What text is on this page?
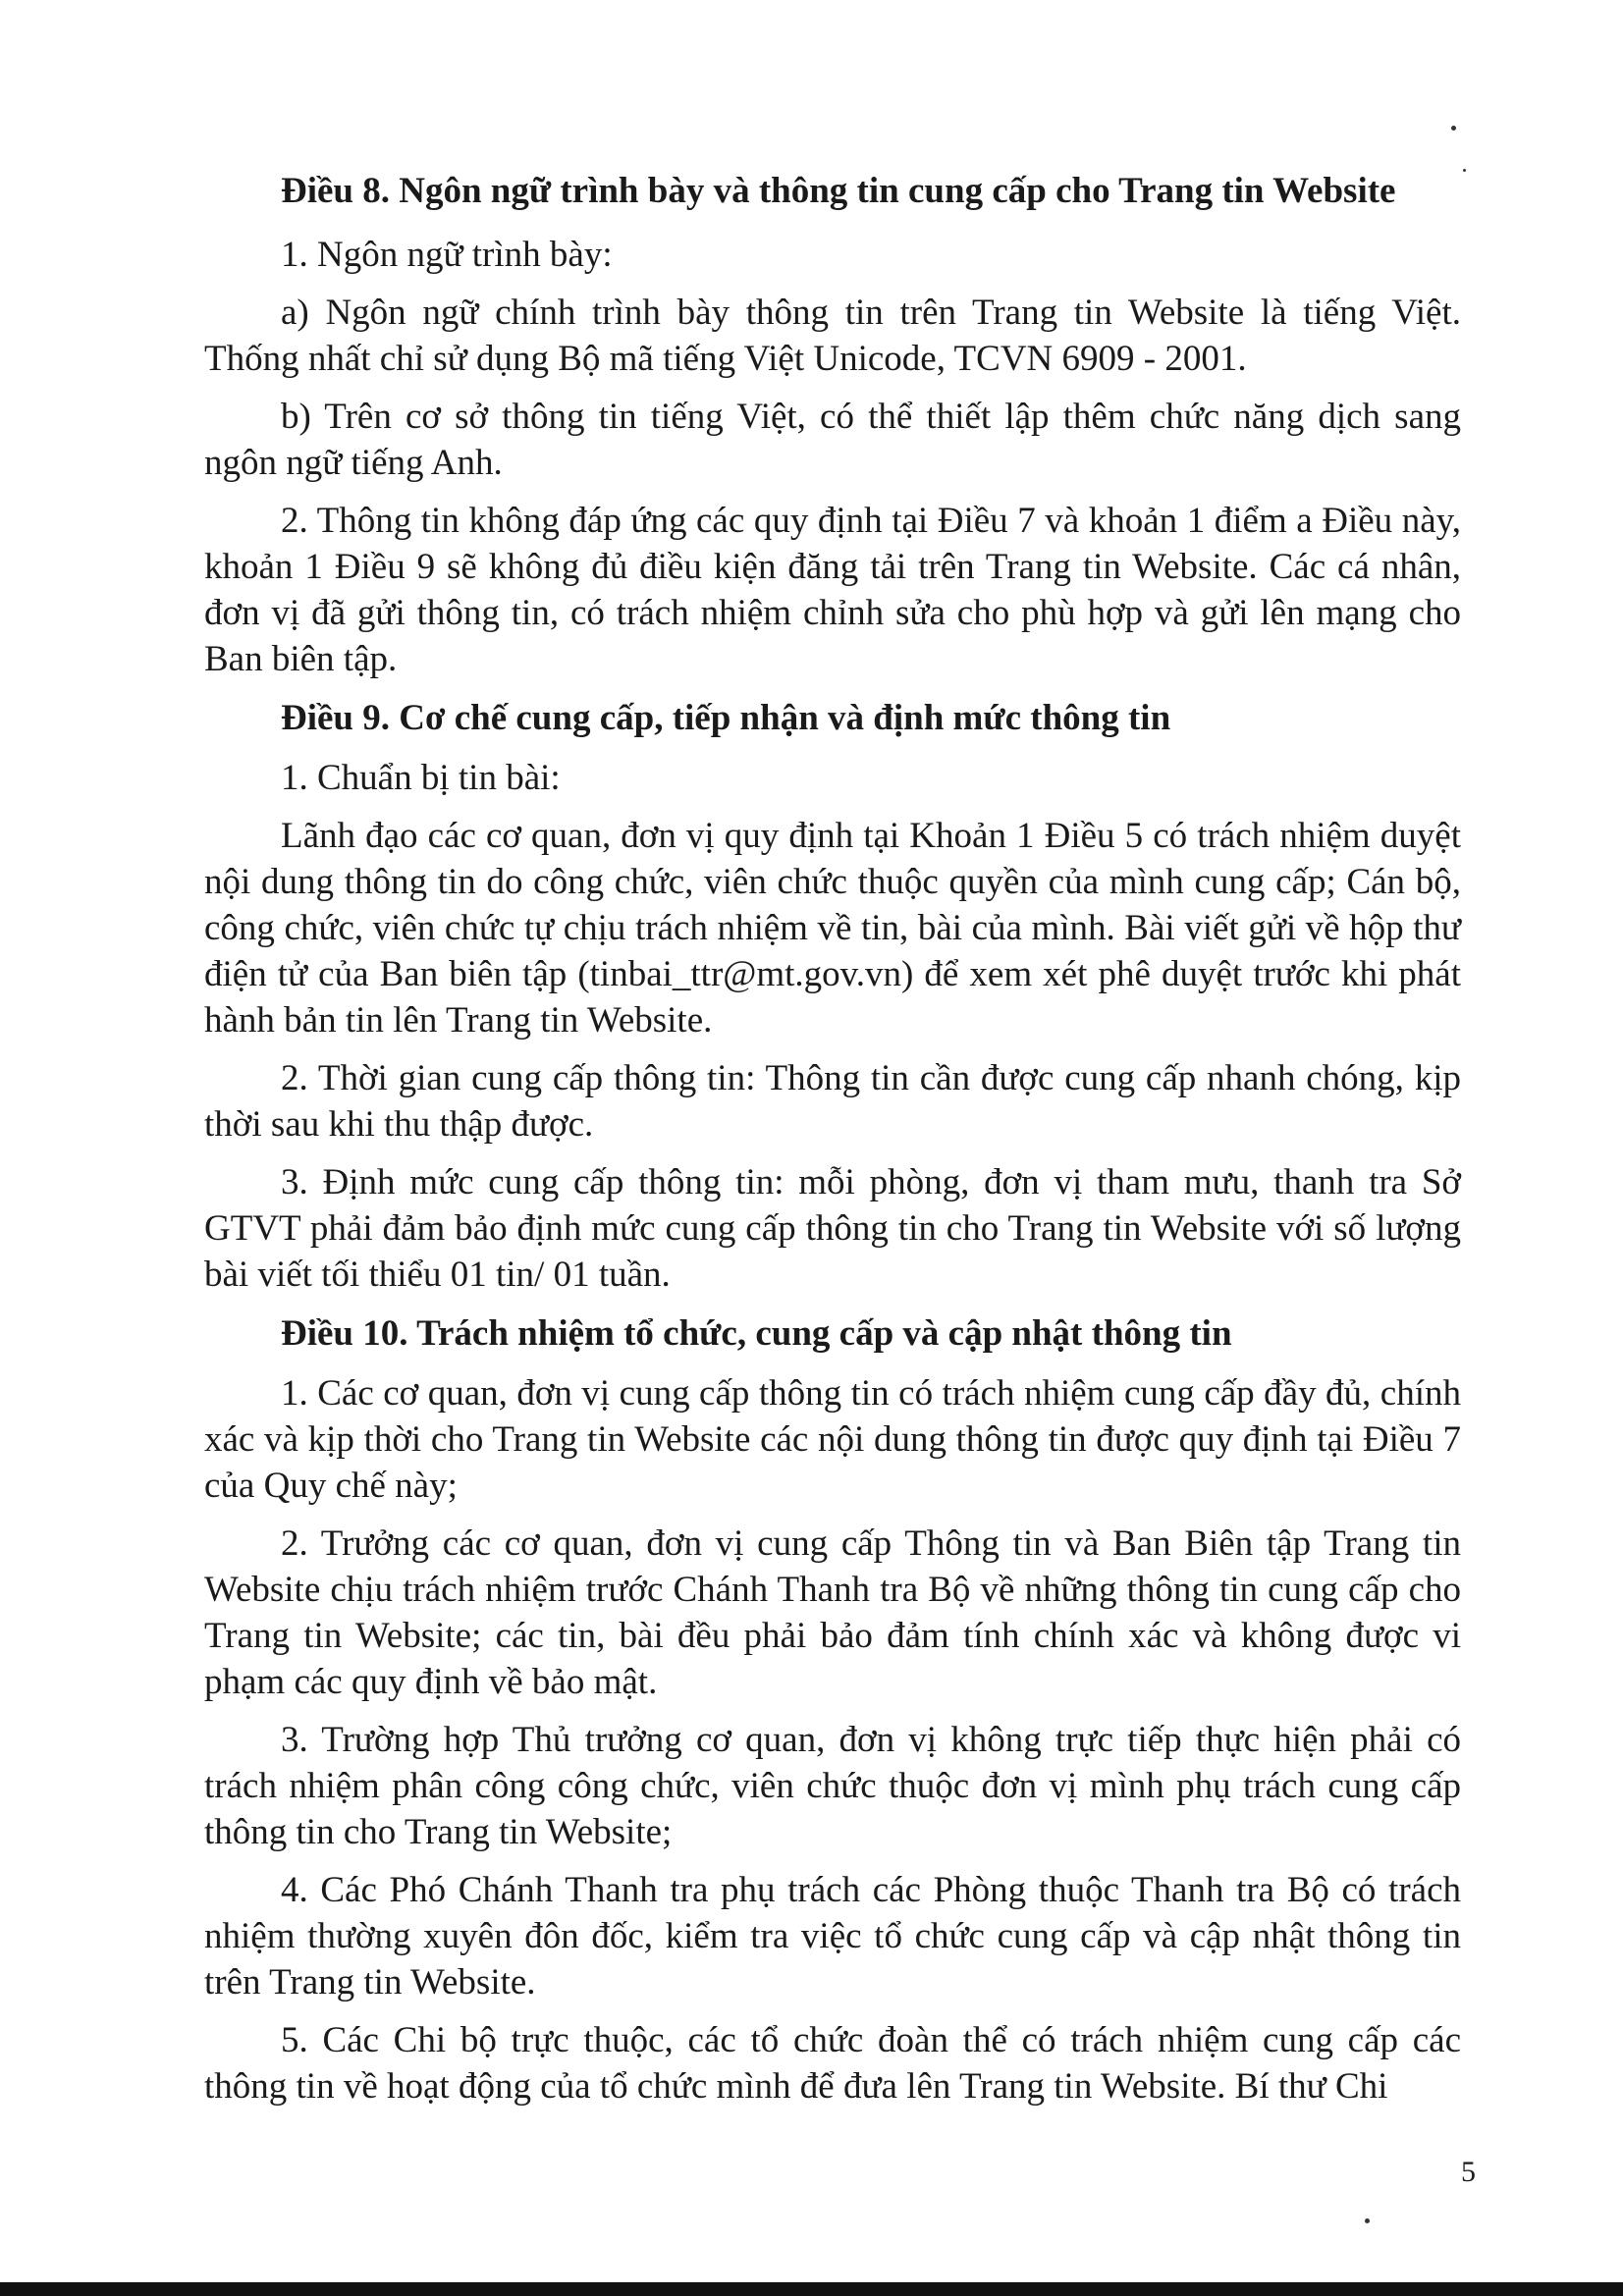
Điều 8. Ngôn ngữ trình bày và thông tin cung cấp cho Trang tin Website

1. Ngôn ngữ trình bày:

a) Ngôn ngữ chính trình bày thông tin trên Trang tin Website là tiếng Việt. Thống nhất chỉ sử dụng Bộ mã tiếng Việt Unicode, TCVN 6909 - 2001.

b) Trên cơ sở thông tin tiếng Việt, có thể thiết lập thêm chức năng dịch sang ngôn ngữ tiếng Anh.

2. Thông tin không đáp ứng các quy định tại Điều 7 và khoản 1 điểm a Điều này, khoản 1 Điều 9 sẽ không đủ điều kiện đăng tải trên Trang tin Website. Các cá nhân, đơn vị đã gửi thông tin, có trách nhiệm chỉnh sửa cho phù hợp và gửi lên mạng cho Ban biên tập.

Điều 9. Cơ chế cung cấp, tiếp nhận và định mức thông tin

1. Chuẩn bị tin bài:

Lãnh đạo các cơ quan, đơn vị quy định tại Khoản 1 Điều 5 có trách nhiệm duyệt nội dung thông tin do công chức, viên chức thuộc quyền của mình cung cấp; Cán bộ, công chức, viên chức tự chịu trách nhiệm về tin, bài của mình. Bài viết gửi về hộp thư điện tử của Ban biên tập (tinbai_ttr@mt.gov.vn) để xem xét phê duyệt trước khi phát hành bản tin lên Trang tin Website.

2. Thời gian cung cấp thông tin: Thông tin cần được cung cấp nhanh chóng, kịp thời sau khi thu thập được.

3. Định mức cung cấp thông tin: mỗi phòng, đơn vị tham mưu, thanh tra Sở GTVT phải đảm bảo định mức cung cấp thông tin cho Trang tin Website với số lượng bài viết tối thiểu 01 tin/ 01 tuần.

Điều 10. Trách nhiệm tổ chức, cung cấp và cập nhật thông tin

1. Các cơ quan, đơn vị cung cấp thông tin có trách nhiệm cung cấp đầy đủ, chính xác và kịp thời cho Trang tin Website các nội dung thông tin được quy định tại Điều 7 của Quy chế này;

2. Trưởng các cơ quan, đơn vị cung cấp Thông tin và Ban Biên tập Trang tin Website chịu trách nhiệm trước Chánh Thanh tra Bộ về những thông tin cung cấp cho Trang tin Website; các tin, bài đều phải bảo đảm tính chính xác và không được vi phạm các quy định về bảo mật.

3. Trường hợp Thủ trưởng cơ quan, đơn vị không trực tiếp thực hiện phải có trách nhiệm phân công công chức, viên chức thuộc đơn vị mình phụ trách cung cấp thông tin cho Trang tin Website;

4. Các Phó Chánh Thanh tra phụ trách các Phòng thuộc Thanh tra Bộ có trách nhiệm thường xuyên đôn đốc, kiểm tra việc tổ chức cung cấp và cập nhật thông tin trên Trang tin Website.

5. Các Chi bộ trực thuộc, các tổ chức đoàn thể có trách nhiệm cung cấp các thông tin về hoạt động của tổ chức mình để đưa lên Trang tin Website. Bí thư Chi

5
